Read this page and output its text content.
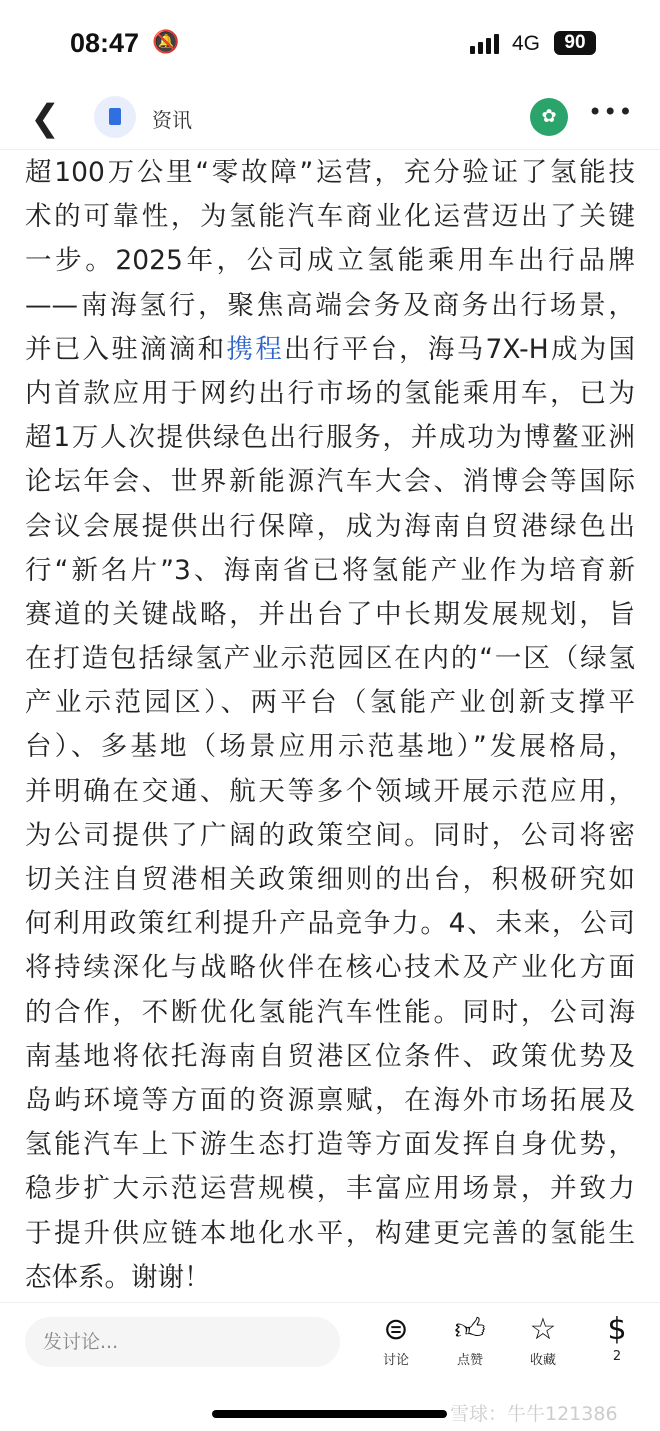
08:47 🔕	4G	90
❮	资讯	✿	•••
超100万公里“零故障”运营，充分验证了氢能技
术的可靠性，为氢能汽车商业化运营迈出了关键
一步。2025年，公司成立氢能乘用车出行品牌
——南海氢行，聚焦高端会务及商务出行场景，
并已入驻滴滴和携程出行平台，海马7X-H成为国
内首款应用于网约出行市场的氢能乘用车，已为
超1万人次提供绿色出行服务，并成功为博鳌亚洲
论坛年会、世界新能源汽车大会、消博会等国际
会议会展提供出行保障，成为海南自贸港绿色出
行“新名片”3、海南省已将氢能产业作为培育新
赛道的关键战略，并出台了中长期发展规划，旨
在打造包括绿氢产业示范园区在内的“一区（绿氢
产业示范园区）、两平台（氢能产业创新支撑平
台）、多基地（场景应用示范基地）”发展格局，
并明确在交通、航天等多个领域开展示范应用，
为公司提供了广阔的政策空间。同时，公司将密
切关注自贸港相关政策细则的出台，积极研究如
何利用政策红利提升产品竞争力。4、未来，公司
将持续深化与战略伙伴在核心技术及产业化方面
的合作，不断优化氢能汽车性能。同时，公司海
南基地将依托海南自贸港区位条件、政策优势及
岛屿环境等方面的资源禀赋，在海外市场拓展及
氢能汽车上下游生态打造等方面发挥自身优势，
稳步扩大示范运营规模，丰富应用场景，并致力
于提升供应链本地化水平，构建更完善的氢能生
态体系。谢谢！
发讨论...	⊜
讨论
👍︎
点赞
☆
收藏
$
2
雪球：牛牛121386
